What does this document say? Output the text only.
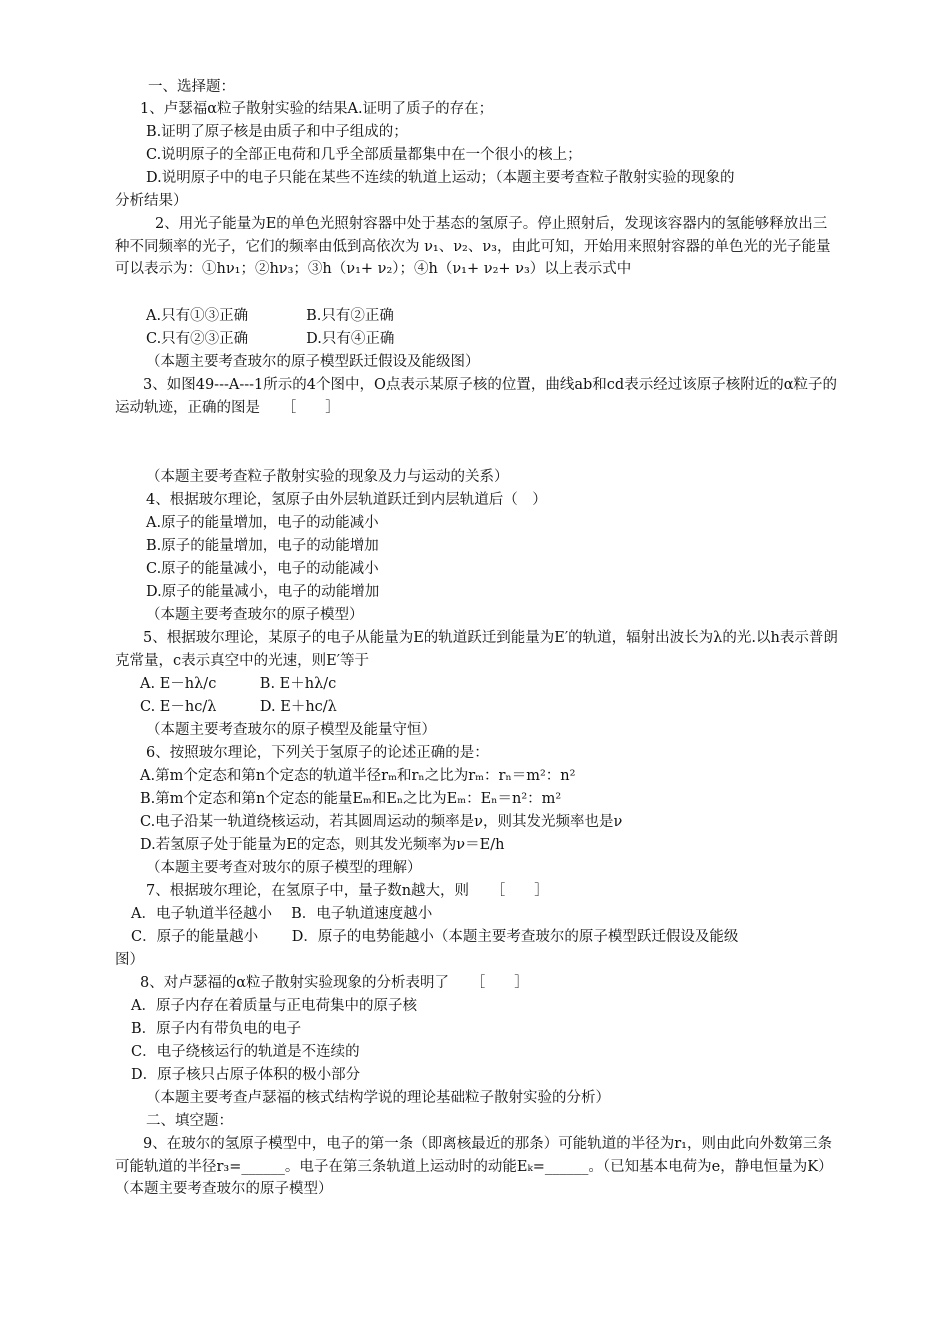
一、选择题：
1、卢瑟福α粒子散射实验的结果A.证明了质子的存在；
B.证明了原子核是由质子和中子组成的；
C.说明原子的全部正电荷和几乎全部质量都集中在一个很小的核上；
D.说明原子中的电子只能在某些不连续的轨道上运动；（本题主要考查粒子散射实验的现象的
分析结果）
2、用光子能量为E的单色光照射容器中处于基态的氢原子。停止照射后，发现该容器内的氢能够释放出三种不同频率的光子，它们的频率由低到高依次为 ν₁、ν₂、ν₃，由此可知，开始用来照射容器的单色光的光子能量可以表示为：①hν₁；②hν₃；③h（ν₁+ ν₂）；④h（ν₁+ ν₂+ ν₃）以上表示式中
A.只有①③正确　　　　B.只有②正确
C.只有②③正确　　　　D.只有④正确
（本题主要考查玻尔的原子模型跃迁假设及能级图）
3、如图49---A---1所示的4个图中，O点表示某原子核的位置，曲线ab和cd表示经过该原子核附近的α粒子的运动轨迹，正确的图是　　［　　］
（本题主要考查粒子散射实验的现象及力与运动的关系）
4、根据玻尔理论，氢原子由外层轨道跃迁到内层轨道后（　）
A.原子的能量增加，电子的动能减小
B.原子的能量增加，电子的动能增加
C.原子的能量减小，电子的动能减小
D.原子的能量减小，电子的动能增加
（本题主要考查玻尔的原子模型）
5、根据玻尔理论，某原子的电子从能量为E的轨道跃迁到能量为E′的轨道，辐射出波长为λ的光.以h表示普朗克常量，c表示真空中的光速，则E′等于
A. E－hλ/c　　　B. E＋hλ/c
C. E－hc/λ　　　D. E＋hc/λ
（本题主要考查玻尔的原子模型及能量守恒）
6、按照玻尔理论，下列关于氢原子的论述正确的是：
A.第m个定态和第n个定态的轨道半径rₘ和rₙ之比为rₘ：rₙ＝m²：n²
B.第m个定态和第n个定态的能量Eₘ和Eₙ之比为Eₘ：Eₙ＝n²：m²
C.电子沿某一轨道绕核运动，若其圆周运动的频率是ν，则其发光频率也是ν
D.若氢原子处于能量为E的定态，则其发光频率为ν＝E/h
（本题主要考查对玻尔的原子模型的理解）
7、根据玻尔理论，在氢原子中，量子数n越大，则　　［　　］
A．电子轨道半径越小　 B．电子轨道速度越小
C．原子的能量越小　　 D．原子的电势能越小（本题主要考查玻尔的原子模型跃迁假设及能级
图）
8、对卢瑟福的α粒子散射实验现象的分析表明了　　［　　］
A．原子内存在着质量与正电荷集中的原子核
B．原子内有带负电的电子
C．电子绕核运行的轨道是不连续的
D．原子核只占原子体积的极小部分
（本题主要考查卢瑟福的核式结构学说的理论基础粒子散射实验的分析）
二、填空题：
9、在玻尔的氢原子模型中，电子的第一条（即离核最近的那条）可能轨道的半径为r₁，则由此向外数第三条可能轨道的半径r₃=______。电子在第三条轨道上运动时的动能Eₖ=______。（已知基本电荷为e，静电恒量为K）（本题主要考查玻尔的原子模型）
